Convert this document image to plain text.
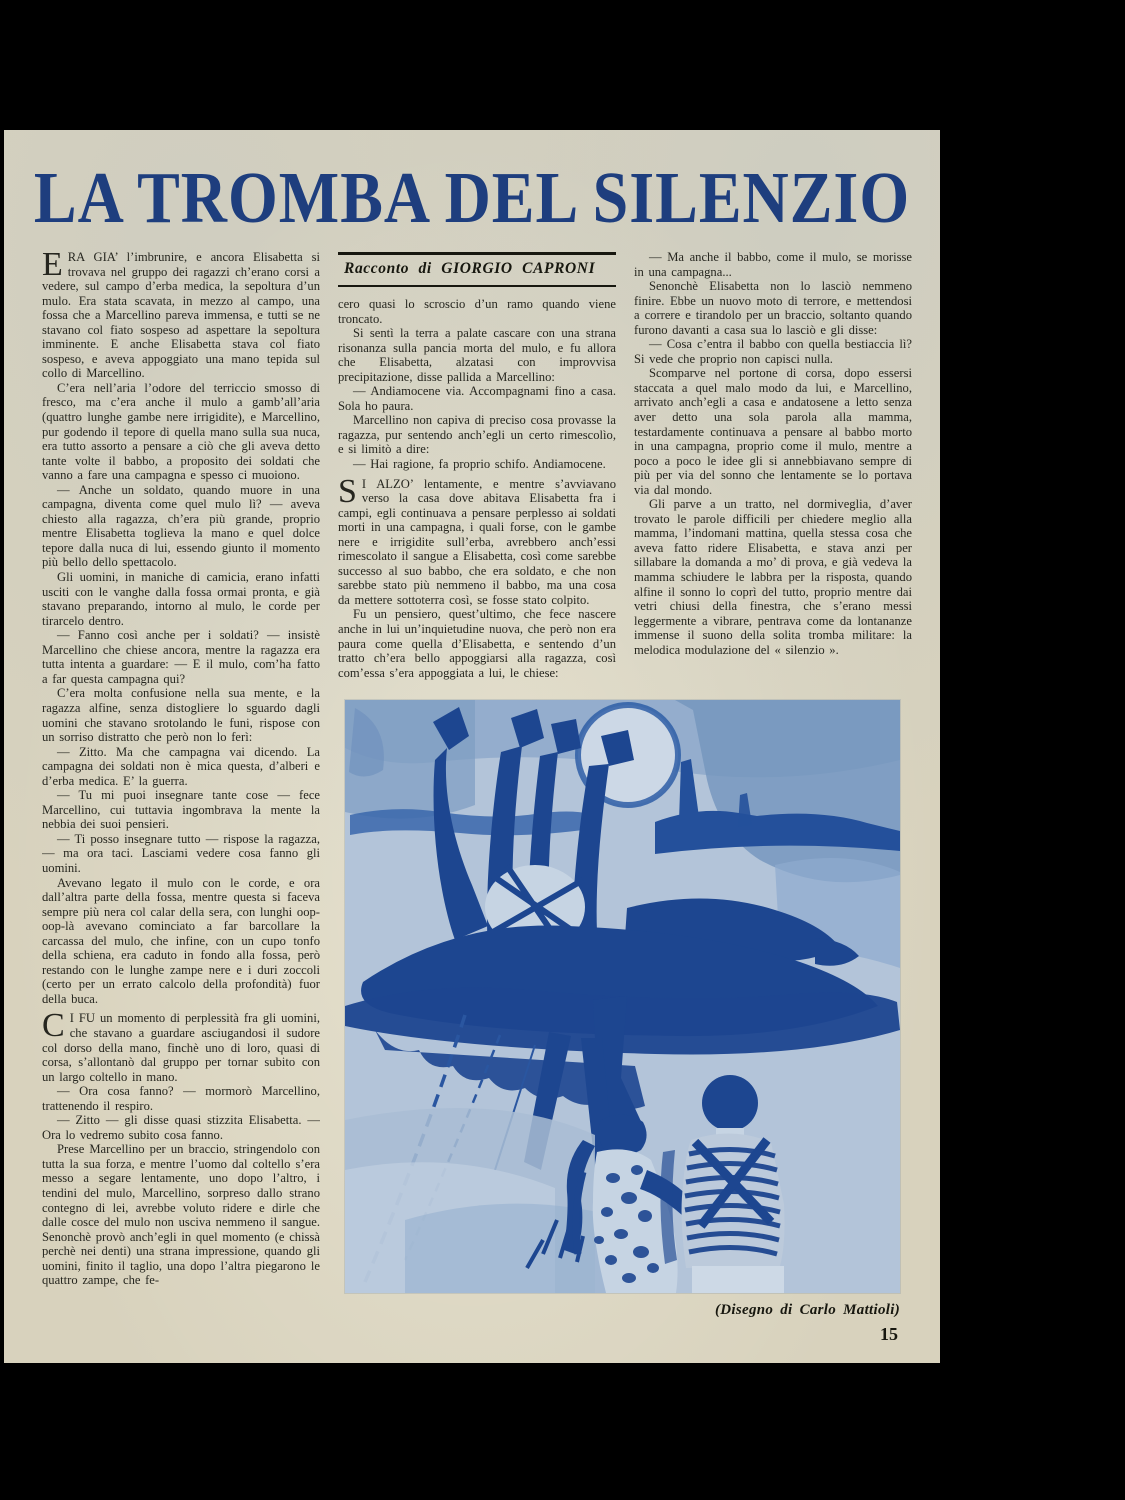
LA TROMBA DEL SILENZIO

ERA GIA’ l’imbrunire, e ancora Elisabetta si trovava nel gruppo dei ragazzi ch’erano corsi a vedere, sul campo d’erba medica, la sepoltura d’un mulo. Era stata scavata, in mezzo al campo, una fossa che a Marcellino pareva immensa, e tutti se ne stavano col fiato sospeso ad aspettare la sepoltura imminente. E anche Elisabetta stava col fiato sospeso, e aveva appoggiato una mano tepida sul collo di Marcellino.

C’era nell’aria l’odore del terriccio smosso di fresco, ma c’era anche il mulo a gamb’all’aria (quattro lunghe gambe nere irrigidite), e Marcellino, pur godendo il tepore di quella mano sulla sua nuca, era tutto assorto a pensare a ciò che gli aveva detto tante volte il babbo, a proposito dei soldati che vanno a fare una campagna e spesso ci muoiono.

— Anche un soldato, quando muore in una campagna, diventa come quel mulo lì? — aveva chiesto alla ragazza, ch’era più grande, proprio mentre Elisabetta toglieva la mano e quel dolce tepore dalla nuca di lui, essendo giunto il momento più bello dello spettacolo.

Gli uomini, in maniche di camicia, erano infatti usciti con le vanghe dalla fossa ormai pronta, e già stavano preparando, intorno al mulo, le corde per tirarcelo dentro.

— Fanno così anche per i soldati? — insistè Marcellino che chiese ancora, mentre la ragazza era tutta intenta a guardare: — E il mulo, com’ha fatto a far questa campagna qui?

C’era molta confusione nella sua mente, e la ragazza alfine, senza distogliere lo sguardo dagli uomini che stavano srotolando le funi, rispose con un sorriso distratto che però non lo ferì:

— Zitto. Ma che campagna vai dicendo. La campagna dei soldati non è mica questa, d’alberi e d’erba medica. E’ la guerra.

— Tu mi puoi insegnare tante cose — fece Marcellino, cui tuttavia ingombrava la mente la nebbia dei suoi pensieri.

— Ti posso insegnare tutto — rispose la ragazza, — ma ora taci. Lasciami vedere cosa fanno gli uomini.

Avevano legato il mulo con le corde, e ora dall’altra parte della fossa, mentre questa si faceva sempre più nera col calar della sera, con lunghi oop-oop-là avevano cominciato a far barcollare la carcassa del mulo, che infine, con un cupo tonfo della schiena, era caduto in fondo alla fossa, però restando con le lunghe zampe nere e i duri zoccoli (certo per un errato calcolo della profondità) fuor della buca.

C I FU un momento di perplessità fra gli uomini, che stavano a guardare asciugandosi il sudore col dorso della mano, finchè uno di loro, quasi di corsa, s’allontanò dal gruppo per tornar subito con un largo coltello in mano.

— Ora cosa fanno? — mormorò Marcellino, trattenendo il respiro.

— Zitto — gli disse quasi stizzita Elisabetta. — Ora lo vedremo subito cosa fanno.

Prese Marcellino per un braccio, stringendolo con tutta la sua forza, e mentre l’uomo dal coltello s’era messo a segare lentamente, uno dopo l’altro, i tendini del mulo, Marcellino, sorpreso dallo strano contegno di lei, avrebbe voluto ridere e dirle che dalle cosce del mulo non usciva nemmeno il sangue. Senonchè provò anch’egli in quel momento (e chissà perchè nei denti) una strana impressione, quando gli uomini, finito il taglio, una dopo l’altra piegarono le quattro zampe, che fe-

Racconto di GIORGIO CAPRONI

cero quasi lo scroscio d’un ramo quando viene troncato.

Si sentì la terra a palate cascare con una strana risonanza sulla pancia morta del mulo, e fu allora che Elisabetta, alzatasi con improvvisa precipitazione, disse pallida a Marcellino:

— Andiamocene via. Accompagnami fino a casa. Sola ho paura.

Marcellino non capiva di preciso cosa provasse la ragazza, pur sentendo anch’egli un certo rimescolìo, e si limitò a dire:

— Hai ragione, fa proprio schifo. Andiamocene.

S I ALZO’ lentamente, e mentre s’avviavano verso la casa dove abitava Elisabetta fra i campi, egli continuava a pensare perplesso ai soldati morti in una campagna, i quali forse, con le gambe nere e irrigidite sull’erba, avrebbero anch’essi rimescolato il sangue a Elisabetta, così come sarebbe successo al suo babbo, che era soldato, e che non sarebbe stato più nemmeno il babbo, ma una cosa da mettere sottoterra così, se fosse stato colpito.

Fu un pensiero, quest’ultimo, che fece nascere anche in lui un’inquietudine nuova, che però non era paura come quella d’Elisabetta, e sentendo d’un tratto ch’era bello appoggiarsi alla ragazza, così com’essa s’era appoggiata a lui, le chiese:

— Ma anche il babbo, come il mulo, se morisse in una campagna...

Senonchè Elisabetta non lo lasciò nemmeno finire. Ebbe un nuovo moto di terrore, e mettendosi a correre e tirandolo per un braccio, soltanto quando furono davanti a casa sua lo lasciò e gli disse:

— Cosa c’entra il babbo con quella bestiaccia lì? Si vede che proprio non capisci nulla.

Scomparve nel portone di corsa, dopo essersi staccata a quel malo modo da lui, e Marcellino, arrivato anch’egli a casa e andatosene a letto senza aver detto una sola parola alla mamma, testardamente continuava a pensare al babbo morto in una campagna, proprio come il mulo, mentre a poco a poco le idee gli si annebbiavano sempre di più per via del sonno che lentamente se lo portava via dal mondo.

Gli parve a un tratto, nel dormiveglia, d’aver trovato le parole difficili per chiedere meglio alla mamma, l’indomani mattina, quella stessa cosa che aveva fatto ridere Elisabetta, e stava anzi per sillabare la domanda a mo’ di prova, e già vedeva la mamma schiudere le labbra per la risposta, quando alfine il sonno lo coprì del tutto, proprio mentre dai vetri chiusi della finestra, che s’erano messi leggermente a vibrare, pentrava come da lontananze immense il suono della solita tromba militare: la melodica modulazione del « silenzio ».

(Disegno di Carlo Mattioli)
15
